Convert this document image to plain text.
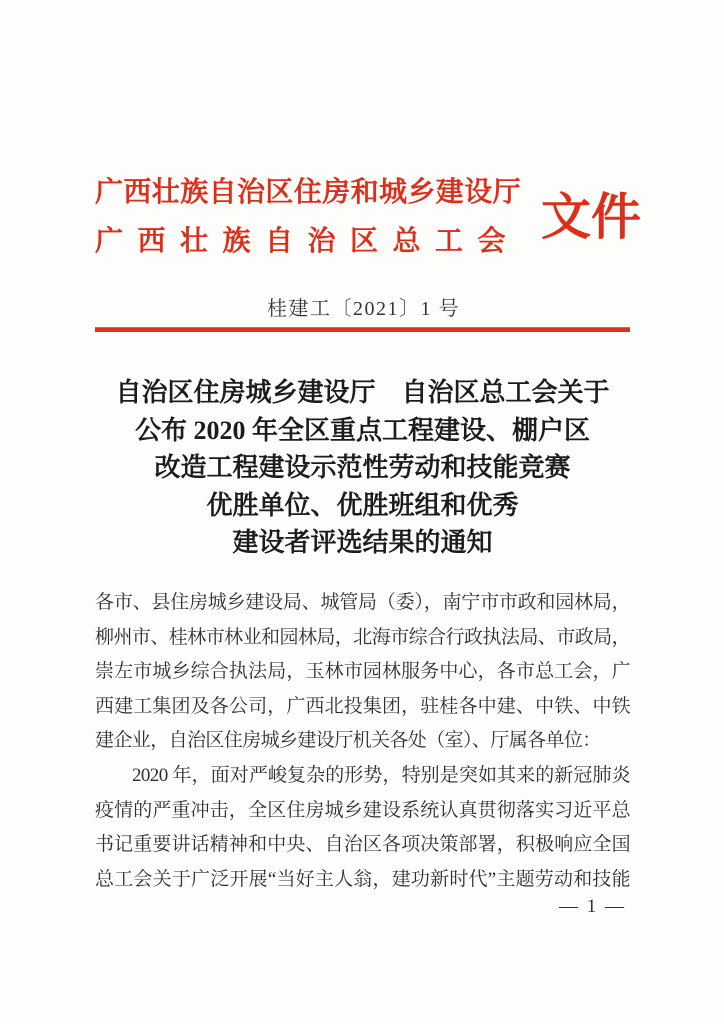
广西壮族自治区住房和城乡建设厅
广西壮族自治区总工会 文件
桂建工〔2021〕1 号
自治区住房城乡建设厅　自治区总工会关于
公布 2020 年全区重点工程建设、棚户区
改造工程建设示范性劳动和技能竞赛
优胜单位、优胜班组和优秀
建设者评选结果的通知
各市、县住房城乡建设局、城管局（委），南宁市市政和园林局，
柳州市、桂林市林业和园林局，北海市综合行政执法局、市政局，
崇左市城乡综合执法局，玉林市园林服务中心，各市总工会，广
西建工集团及各公司，广西北投集团，驻桂各中建、中铁、中铁
建企业，自治区住房城乡建设厅机关各处（室）、厅属各单位：
2020 年，面对严峻复杂的形势，特别是突如其来的新冠肺炎
疫情的严重冲击，全区住房城乡建设系统认真贯彻落实习近平总
书记重要讲话精神和中央、自治区各项决策部署，积极响应全国
总工会关于广泛开展“当好主人翁，建功新时代”主题劳动和技能
— 1 —
